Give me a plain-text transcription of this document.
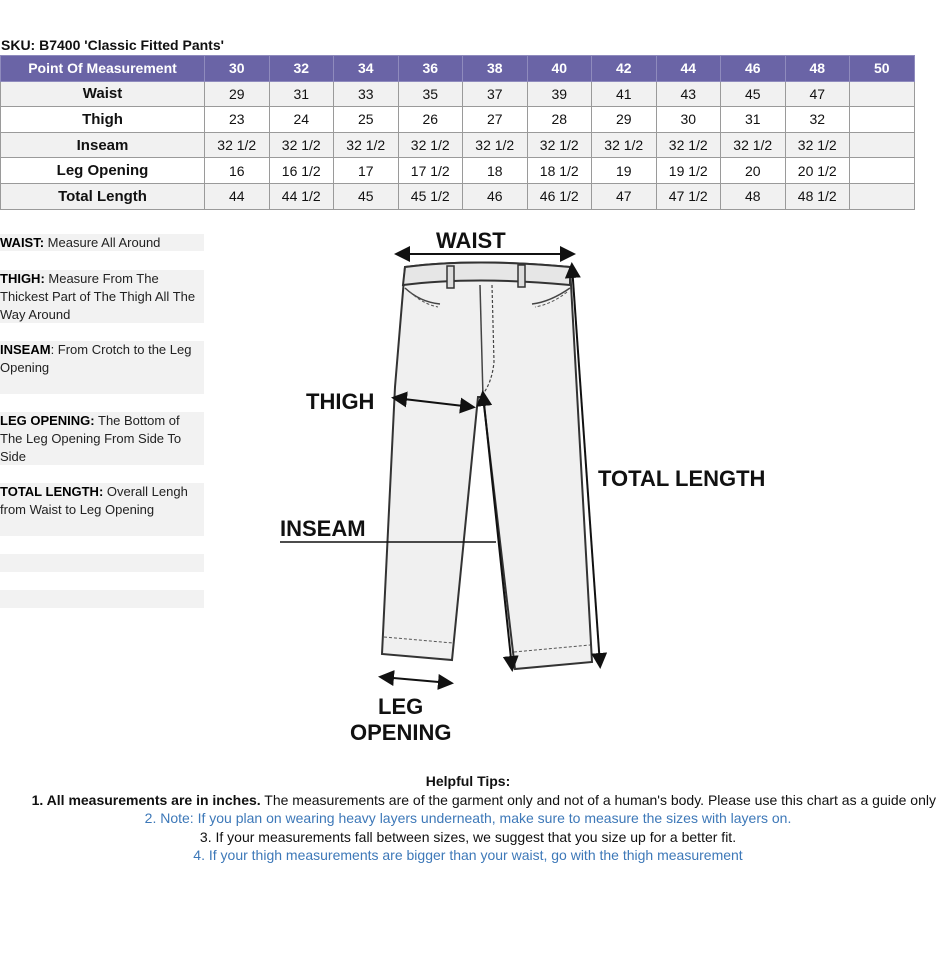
SKU: B7400 'Classic Fitted Pants'
Point Of Measurement	30	32	34	36	38	40	42	44	46	48	50
Waist	29	31	33	35	37	39	41	43	45	47	
Thigh	23	24	25	26	27	28	29	30	31	32	
Inseam	32 1/2	32 1/2	32 1/2	32 1/2	32 1/2	32 1/2	32 1/2	32 1/2	32 1/2	32 1/2	
Leg Opening	16	16 1/2	17	17 1/2	18	18 1/2	19	19 1/2	20	20 1/2	
Total Length	44	44 1/2	45	45 1/2	46	46 1/2	47	47 1/2	48	48 1/2	
WAIST: Measure All Around
THIGH: Measure From The Thickest Part of The Thigh All The Way Around
INSEAM: From Crotch to the Leg Opening
LEG OPENING: The Bottom of The Leg Opening From Side To Side
TOTAL LENGTH: Overall Lengh from Waist to Leg Opening
WAIST
THIGH
INSEAM
TOTAL LENGTH
LEG
OPENING
Helpful Tips:
1. All measurements are in inches. The measurements are of the garment only and not of a human's body. Please use this chart as a guide only
2. Note: If you plan on wearing heavy layers underneath, make sure to measure the sizes with layers on.
3. If your measurements fall between sizes, we suggest that you size up for a better fit.
4. If your thigh measurements are bigger than your waist, go with the thigh measurement
